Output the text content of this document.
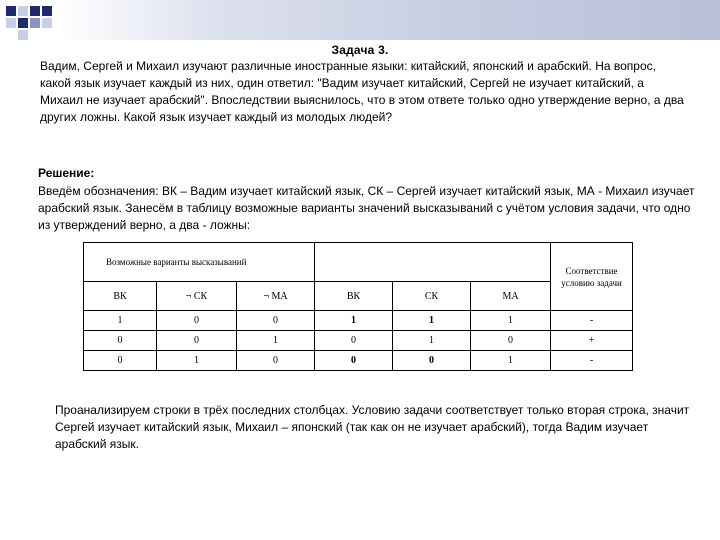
Задача 3.
Вадим, Сергей и Михаил изучают различные иностранные языки: китайский, японский и арабский. На вопрос, какой язык изучает каждый из них, один ответил: "Вадим изучает китайский, Сергей не изучает китайский, а Михаил не изучает арабский". Впоследствии выяснилось, что в этом ответе только одно утверждение верно, а два других ложны. Какой язык изучает каждый из молодых людей?
Решение:
Введём обозначения: ВК – Вадим изучает китайский язык, СК – Сергей изучает китайский язык, МА - Михаил изучает арабский язык. Занесём в таблицу возможные варианты значений высказываний с учётом условия задачи, что одно из утверждений верно, а два - ложны:
Возможные варианты высказываний						Соответствие условию задачи
ВК	¬ СК	¬ МА	ВК	СК	МА	
1	0	0	1	1	1	-
0	0	1	0	1	0	+
0	1	0	0	0	1	-
Проанализируем строки в трёх последних столбцах. Условию задачи соответствует только вторая строка, значит Сергей изучает китайский язык, Михаил – японский (так как он не изучает арабский), тогда Вадим изучает арабский язык.
